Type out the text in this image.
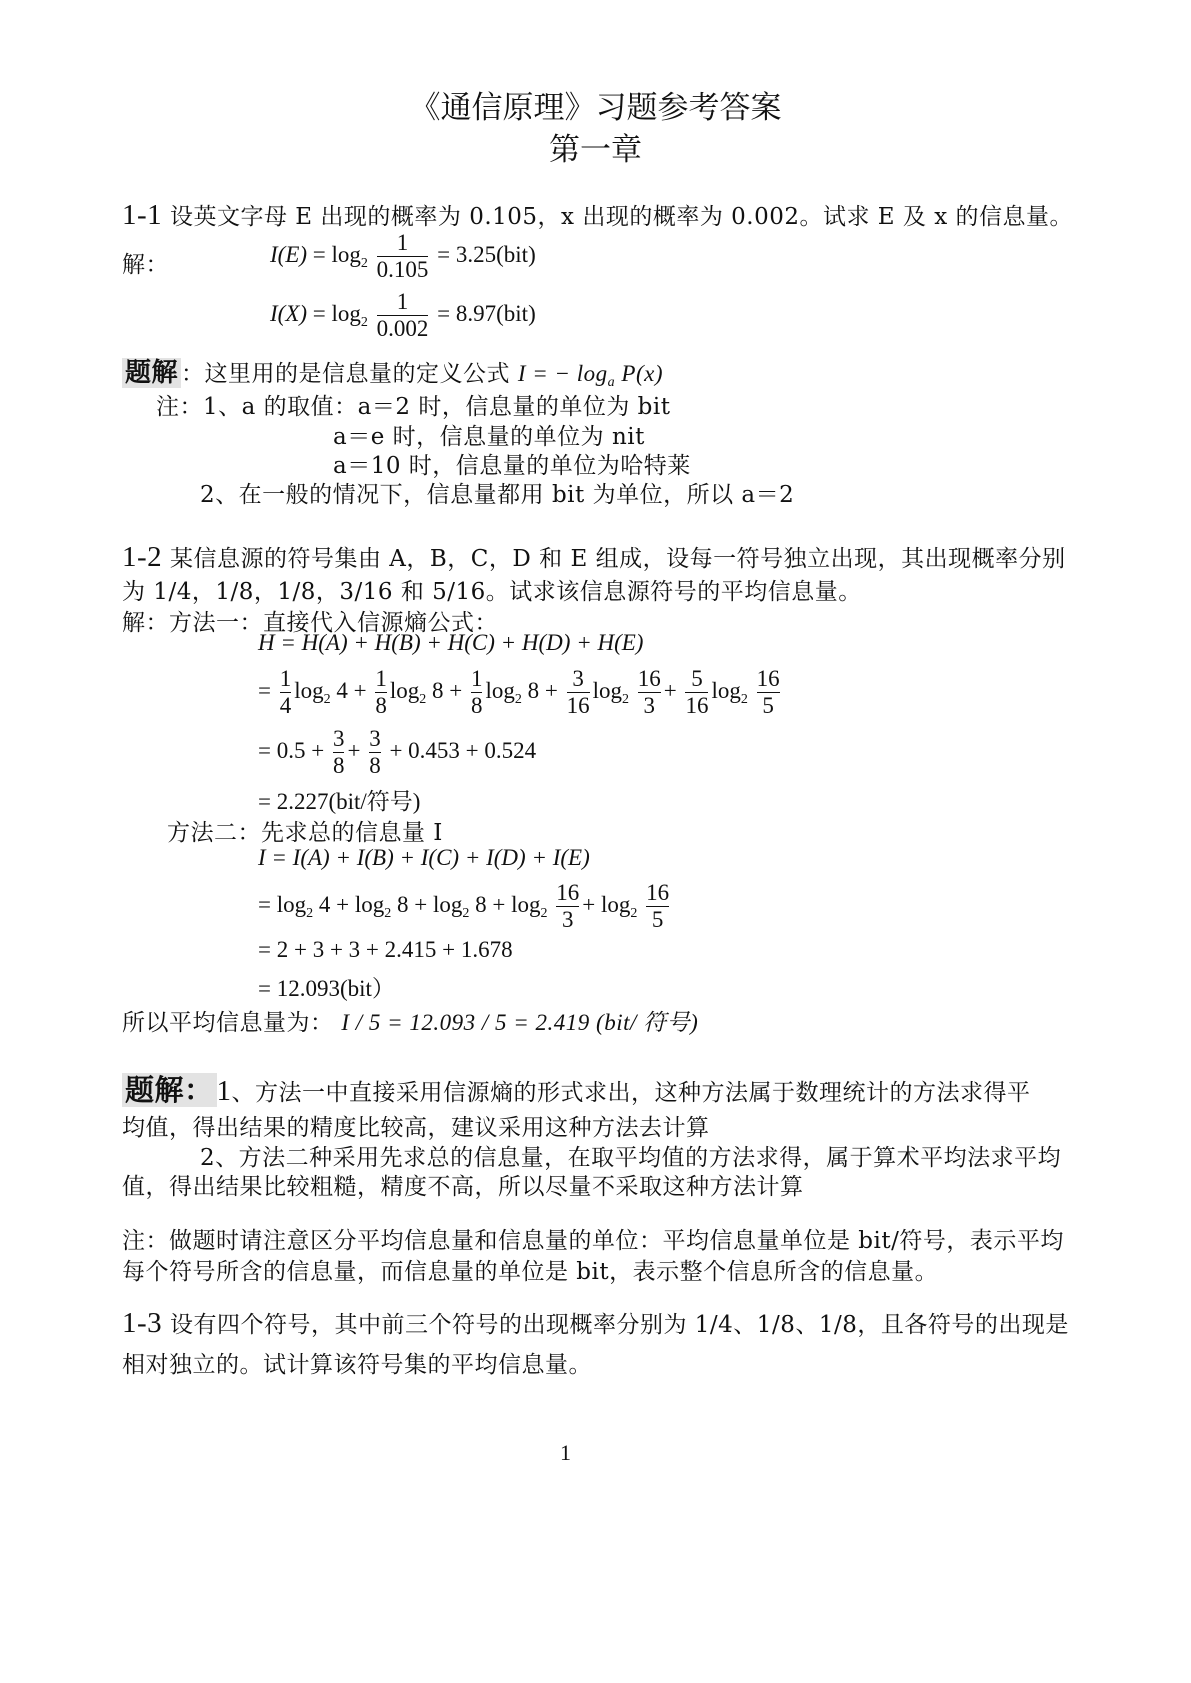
《通信原理》习题参考答案
第一章
1-1 设英文字母 E 出现的概率为 0.105，x 出现的概率为 0.002。试求 E 及 x 的信息量。
解：	$I(E) = \log_2 \frac{1}{0.105} = 3.25(bit)$
$I(X) = \log_2 \frac{1}{0.002} = 8.97(bit)$
题解 ：这里用的是信息量的定义公式 I = − $\log_a P(x)$
注：1、a 的取值：a＝2 时，信息量的单位为 bit
a＝e 时，信息量的单位为 nit
a＝10 时，信息量的单位为哈特莱
2、在一般的情况下，信息量都用 bit 为单位，所以 a＝2
1-2 某信息源的符号集由 A，B，C，D 和 E 组成，设每一符号独立出现，其出现概率分别
为 1/4，1/8，1/8，3/16 和 5/16。试求该信息源符号的平均信息量。
解：方法一：直接代入信源熵公式：
H = H(A) + H(B) + H(C) + H(D) + H(E)
= $\frac{1}{4} \log_2 4 + \frac{1}{8} \log_2 8 + \frac{1}{8} \log_2 8 + \frac{3}{16} \log_2 \frac{16}{3} + \frac{5}{16} \log_2 \frac{16}{5}$
= $0.5 + \frac{3}{8} + \frac{3}{8} + 0.453 + 0.524$
= 2.227(bit/符号)
方法二：先求总的信息量 I
I = I(A) + I(B) + I(C) + I(D) + I(E)
= $\log_2 4 + \log_2 8 + \log_2 8 + \log_2 \frac{16}{3} + \log_2 \frac{16}{5}$
= 2 + 3 + 3 + 2.415 + 1.678
= 12.093(bit）
所以平均信息量为： I / 5 = 12.093 / 5 = 2.419 (bit/ 符号)
题解： 1、方法一中直接采用信源熵的形式求出，这种方法属于数理统计的方法求得平
均值，得出结果的精度比较高，建议采用这种方法去计算
2、方法二种采用先求总的信息量，在取平均值的方法求得，属于算术平均法求平均
值，得出结果比较粗糙，精度不高，所以尽量不采取这种方法计算
注：做题时请注意区分平均信息量和信息量的单位：平均信息量单位是 bit/符号，表示平均
每个符号所含的信息量，而信息量的单位是 bit，表示整个信息所含的信息量。
1-3 设有四个符号，其中前三个符号的出现概率分别为 1/4、1/8、1/8，且各符号的出现是
相对独立的。试计算该符号集的平均信息量。
1
